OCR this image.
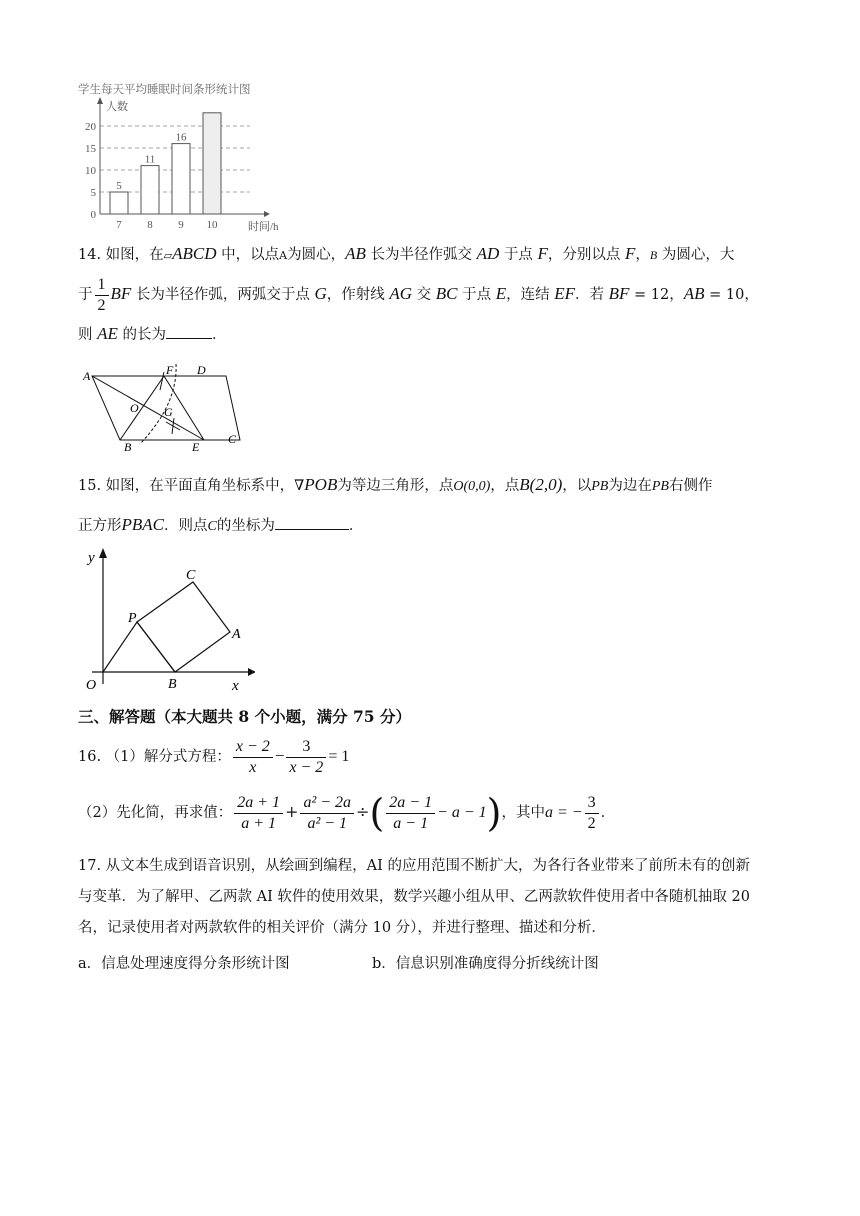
学生每天平均睡眠时间条形统计图
0
5
10
15
20
5
7
11
8
16
9 10
人数
时间/h
14. 如图，在▱ABCD 中，以点A为圆心，AB 长为半径作弧交 AD 于点 F，分别以点 F，B 为圆心，大
于 $\frac{1}{2}$ BF 长为半径作弧，两弧交于点 G，作射线 AG 交 BC 于点 E，连结 EF．若 BF = 12，AB = 10，
则 AE 的长为	．
A	F D
O G
B	E
C
15. 如图，在平面直角坐标系中，∇POB为等边三角形，点O(0,0)，点B(2,0)，以PB为边在PB右侧作
正方形PBAC．则点C的坐标为	．
y
x
O
P
B
C
A
三、解答题（本大题共 8 个小题，满分 75 分）
16. （1）解分式方程： $\frac{x - 2}{x} - \frac{3}{x - 2} = 1$
（2）先化简，再求值： $\frac{2a + 1}{a + 1} + \frac{\text{a² − 2a}}{\text{a² − 1}}$ ÷( $\frac{2a - 1}{a - 1} - a - 1$)，其中a = − $\frac{3}{2}$ ．
17. 从文本生成到语音识别，从绘画到编程，AI 的应用范围不断扩大，为各行各业带来了前所未有的创新
与变革．为了解甲、乙两款 AI 软件的使用效果，数学兴趣小组从甲、乙两款软件使用者中各随机抽取 20
名，记录使用者对两款软件的相关评价（满分 10 分），并进行整理、描述和分析．
a．信息处理速度得分条形统计图	b．信息识别准确度得分折线统计图
